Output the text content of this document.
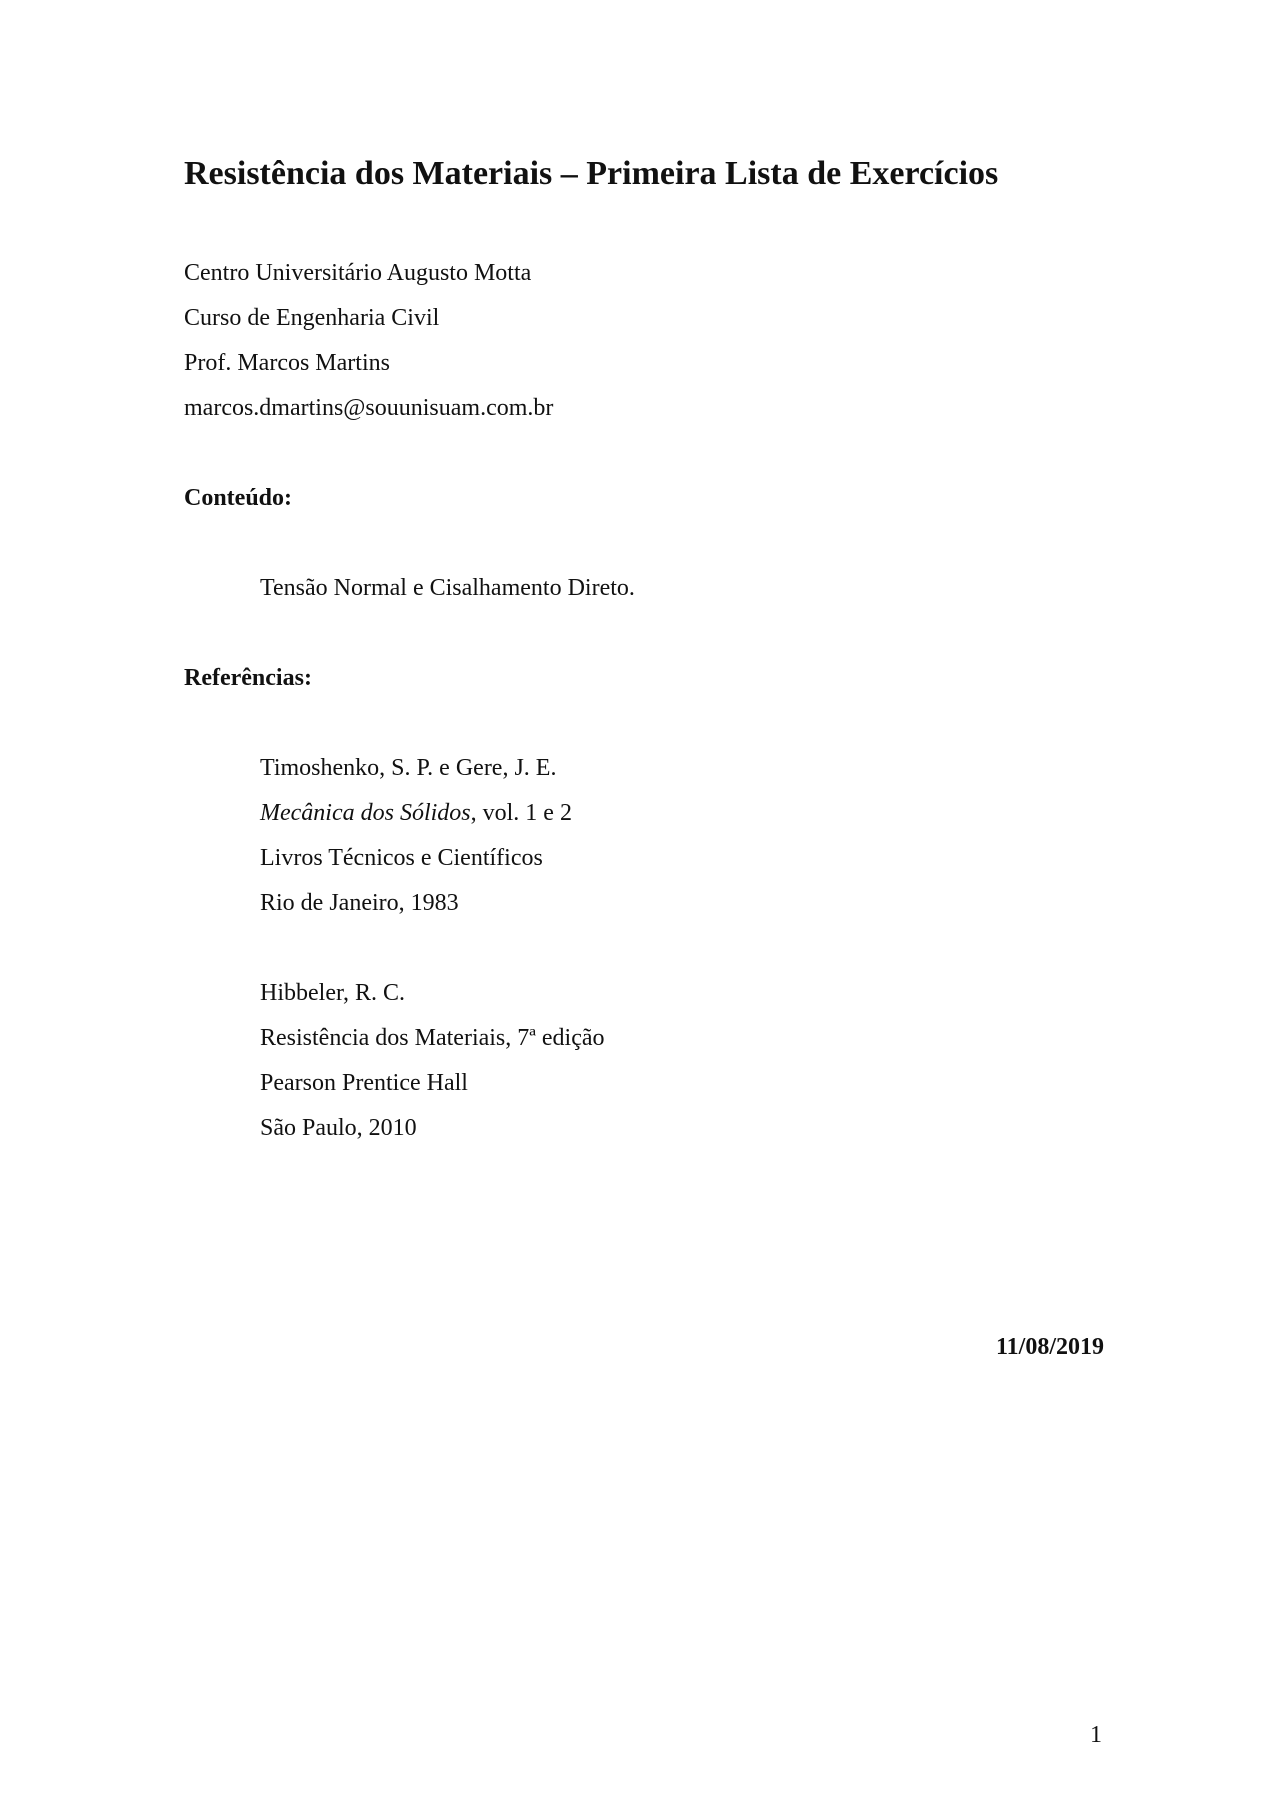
Resistência dos Materiais – Primeira Lista de Exercícios

Centro Universitário Augusto Motta

Curso de Engenharia Civil

Prof. Marcos Martins

marcos.dmartins@souunisuam.com.br

Conteúdo:

Tensão Normal e Cisalhamento Direto.

Referências:

Timoshenko, S. P. e Gere, J. E.

Mecânica dos Sólidos, vol. 1 e 2

Livros Técnicos e Científicos

Rio de Janeiro, 1983

Hibbeler, R. C.

Resistência dos Materiais, 7ª edição

Pearson Prentice Hall

São Paulo, 2010

11/08/2019

1
